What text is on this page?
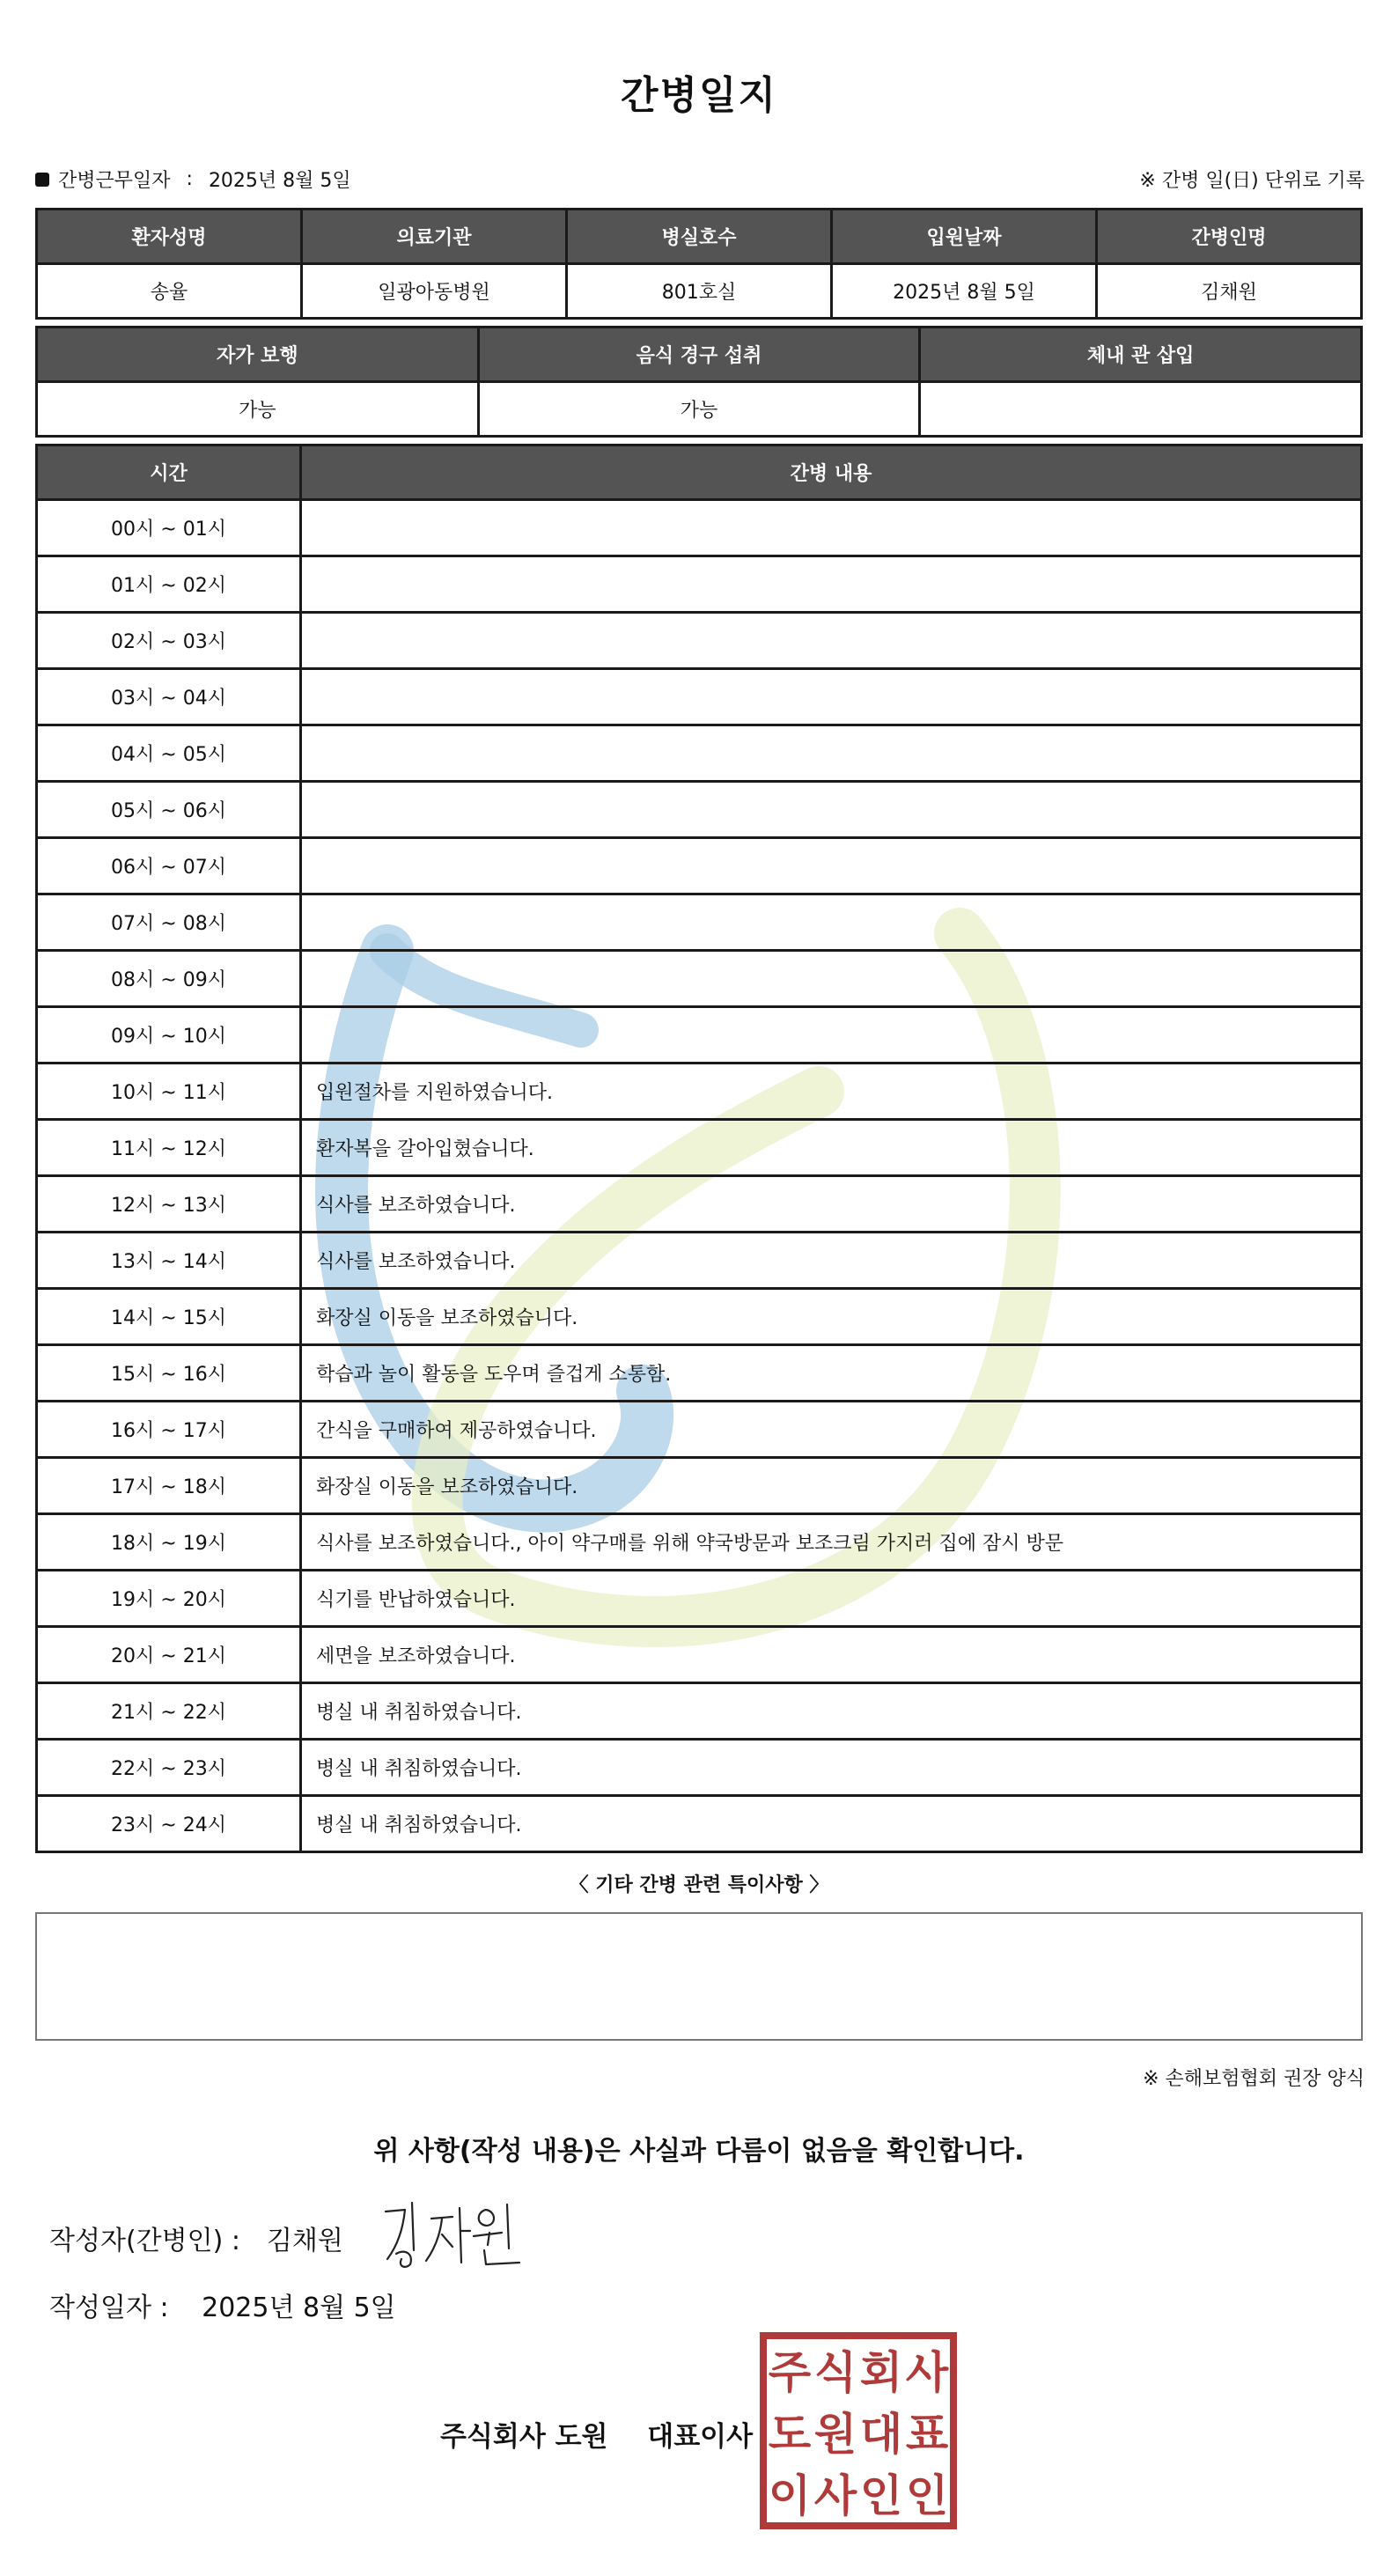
간병일지
간병근무일자 : 2025년 8월 5일	※ 간병 일(日) 단위로 기록
환자성명	의료기관	병실호수	입원날짜	간병인명
송율	일광아동병원	801호실	2025년 8월 5일	김채원
자가 보행	음식 경구 섭취	체내 관 삽입
가능	가능	
시간	간병 내용
00시 ~ 01시	
01시 ~ 02시	
02시 ~ 03시	
03시 ~ 04시	
04시 ~ 05시	
05시 ~ 06시	
06시 ~ 07시	
07시 ~ 08시	
08시 ~ 09시	
09시 ~ 10시	
10시 ~ 11시	입원절차를 지원하였습니다.
11시 ~ 12시	환자복을 갈아입혔습니다.
12시 ~ 13시	식사를 보조하였습니다.
13시 ~ 14시	식사를 보조하였습니다.
14시 ~ 15시	화장실 이동을 보조하였습니다.
15시 ~ 16시	학습과 놀이 활동을 도우며 즐겁게 소통함.
16시 ~ 17시	간식을 구매하여 제공하였습니다.
17시 ~ 18시	화장실 이동을 보조하였습니다.
18시 ~ 19시	식사를 보조하였습니다., 아이 약구매를 위해 약국방문과 보조크림 가지러 집에 잠시 방문
19시 ~ 20시	식기를 반납하였습니다.
20시 ~ 21시	세면을 보조하였습니다.
21시 ~ 22시	병실 내 취침하였습니다.
22시 ~ 23시	병실 내 취침하였습니다.
23시 ~ 24시	병실 내 취침하였습니다.
〈 기타 간병 관련 특이사항 〉
※ 손해보험협회 권장 양식
위 사항(작성 내용)은 사실과 다름이 없음을 확인합니다.
작성자(간병인) : 김채원
작성일자 : 2025년 8월 5일
주식회사 도원 대표이사
주 식 회 사
도 원 대 표
이 사 인 인
